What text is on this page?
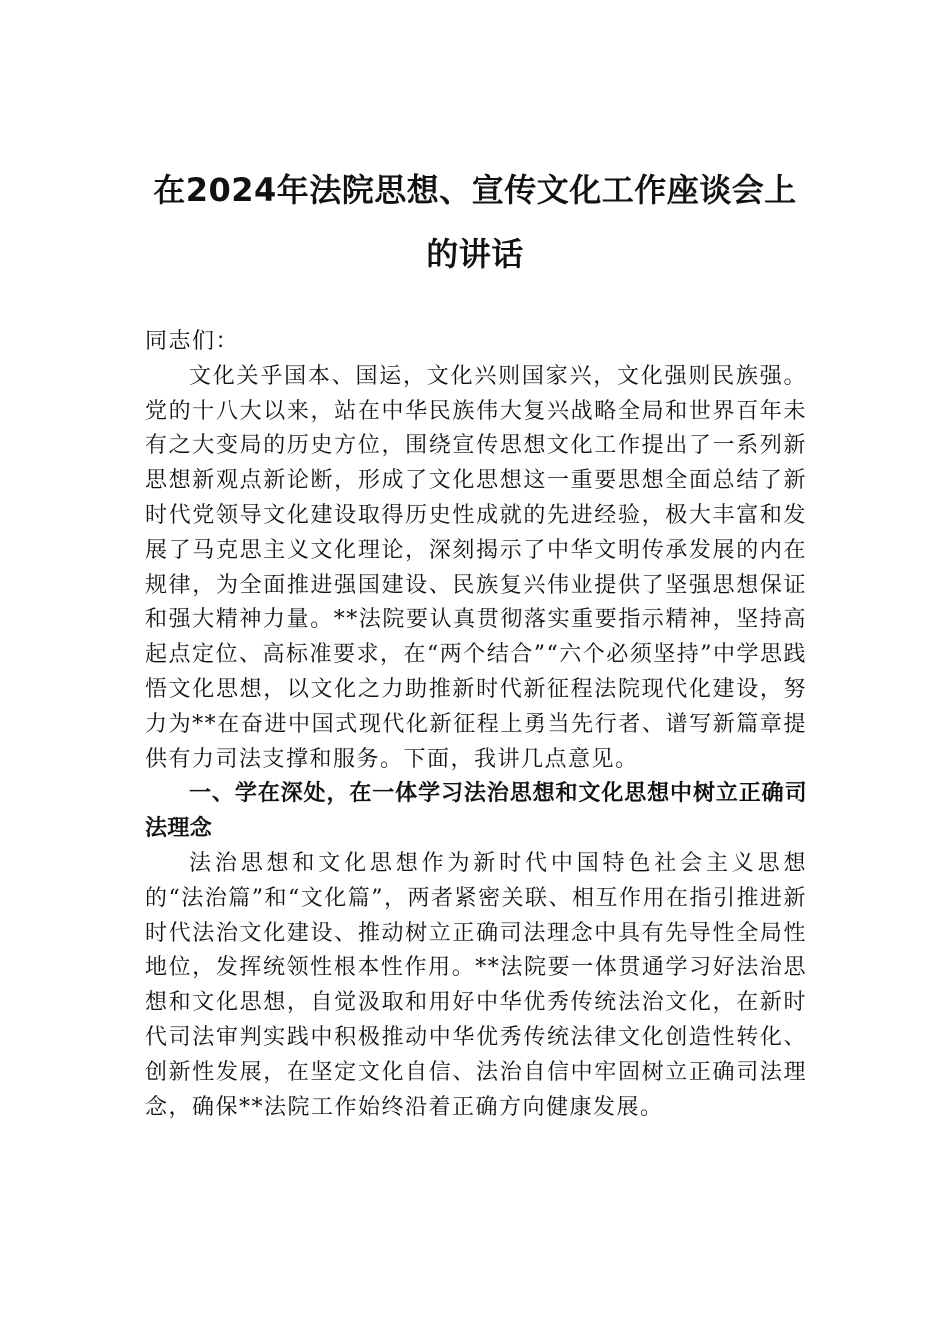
在2024年法院思想、宣传文化工作座谈会上的讲话

同志们：

文化关乎国本、国运，文化兴则国家兴，文化强则民族强。党的十八大以来，站在中华民族伟大复兴战略全局和世界百年未有之大变局的历史方位，围绕宣传思想文化工作提出了一系列新思想新观点新论断，形成了文化思想这一重要思想全面总结了新时代党领导文化建设取得历史性成就的先进经验，极大丰富和发展了马克思主义文化理论，深刻揭示了中华文明传承发展的内在规律，为全面推进强国建设、民族复兴伟业提供了坚强思想保证和强大精神力量。**法院要认真贯彻落实重要指示精神，坚持高起点定位、高标准要求，在“两个结合”“六个必须坚持”中学思践悟文化思想，以文化之力助推新时代新征程法院现代化建设，努力为**在奋进中国式现代化新征程上勇当先行者、谱写新篇章提供有力司法支撑和服务。下面，我讲几点意见。

一、学在深处，在一体学习法治思想和文化思想中树立正确司法理念

法治思想和文化思想作为新时代中国特色社会主义思想的“法治篇”和“文化篇”，两者紧密关联、相互作用在指引推进新时代法治文化建设、推动树立正确司法理念中具有先导性全局性地位，发挥统领性根本性作用。**法院要一体贯通学习好法治思想和文化思想，自觉汲取和用好中华优秀传统法治文化，在新时代司法审判实践中积极推动中华优秀传统法律文化创造性转化、创新性发展，在坚定文化自信、法治自信中牢固树立正确司法理念，确保**法院工作始终沿着正确方向健康发展。
